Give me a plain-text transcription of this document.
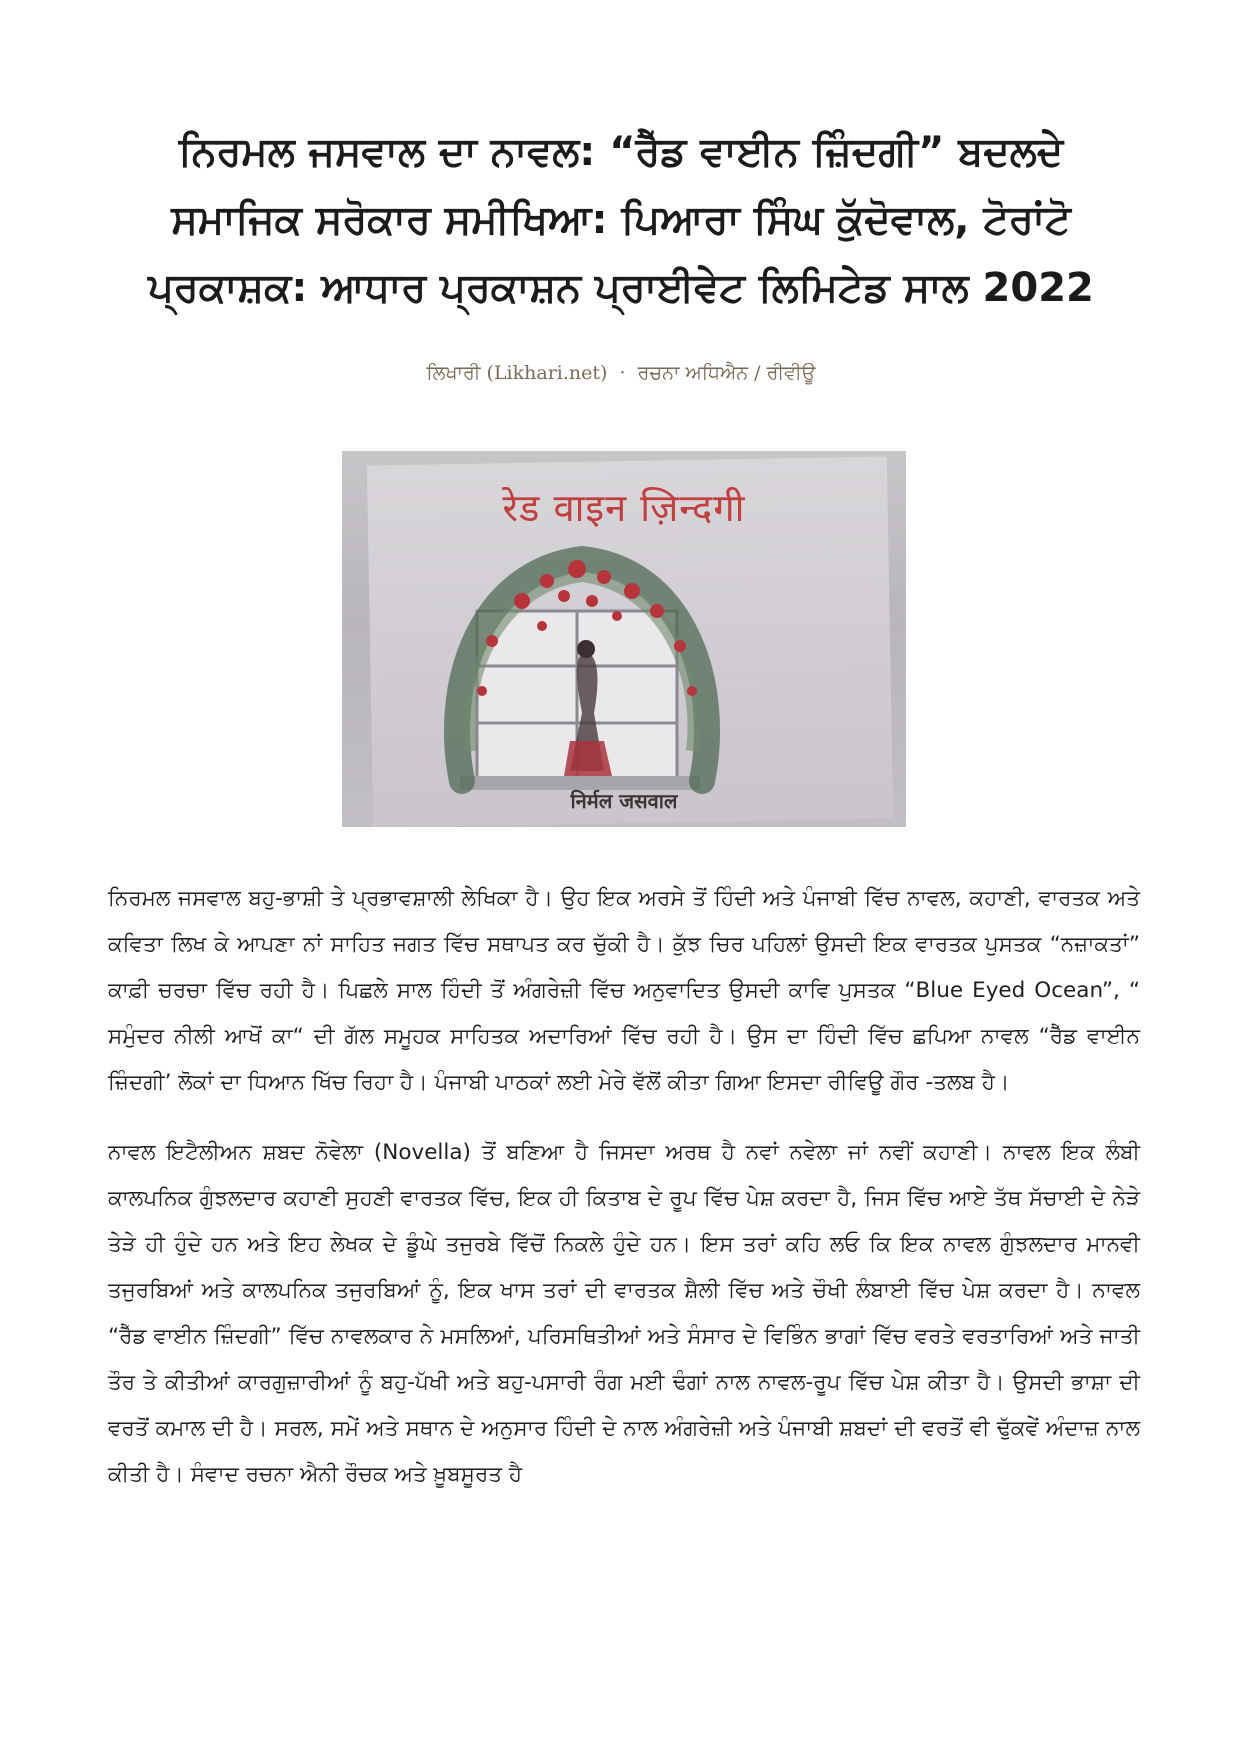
ਨਿਰਮਲ ਜਸਵਾਲ ਦਾ ਨਾਵਲ: “ਰੈੱਡ ਵਾਈਨ ਜ਼ਿੰਦਗੀ” ਬਦਲਦੇ ਸਮਾਜਿਕ ਸਰੋਕਾਰ ਸਮੀਖਿਆ: ਪਿਆਰਾ ਸਿੰਘ ਕੁੱਦੋਵਾਲ, ਟੋਰਾਂਟੋ ਪ੍ਰਕਾਸ਼ਕ: ਆਧਾਰ ਪ੍ਰਕਾਸ਼ਨ ਪ੍ਰਾਈਵੇਟ ਲਿਮਿਟੇਡ ਸਾਲ 2022
ਲਿਖਾਰੀ (Likhari.net) · ਰਚਨਾ ਅਧਿਐਨ / ਰੀਵੀਊ
रेड वाइन ज़िन्दगी
निर्मल जसवाल

ਨਿਰਮਲ ਜਸਵਾਲ ਬਹੁ-ਭਾਸ਼ੀ ਤੇ ਪ੍ਰਭਾਵਸ਼ਾਲੀ ਲੇਖਿਕਾ ਹੈ। ਉਹ ਇਕ ਅਰਸੇ ਤੋਂ ਹਿੰਦੀ ਅਤੇ ਪੰਜਾਬੀ ਵਿੱਚ ਨਾਵਲ, ਕਹਾਣੀ, ਵਾਰਤਕ ਅਤੇ ਕਵਿਤਾ ਲਿਖ ਕੇ ਆਪਣਾ ਨਾਂ ਸਾਹਿਤ ਜਗਤ ਵਿੱਚ ਸਥਾਪਤ ਕਰ ਚੁੱਕੀ ਹੈ। ਕੁੱਝ ਚਿਰ ਪਹਿਲਾਂ ਉਸਦੀ ਇਕ ਵਾਰਤਕ ਪੁਸਤਕ “ਨਜ਼ਾਕਤਾਂ” ਕਾਫ਼ੀ ਚਰਚਾ ਵਿੱਚ ਰਹੀ ਹੈ। ਪਿਛਲੇ ਸਾਲ ਹਿੰਦੀ ਤੋਂ ਅੰਗਰੇਜ਼ੀ ਵਿੱਚ ਅਨੁਵਾਦਿਤ ਉਸਦੀ ਕਾਵਿ ਪੁਸਤਕ “Blue Eyed Ocean”, “ ਸਮੁੰਦਰ ਨੀਲੀ ਆਖੋਂ ਕਾ“ ਦੀ ਗੱਲ ਸਮੂਹਕ ਸਾਹਿਤਕ ਅਦਾਰਿਆਂ ਵਿੱਚ ਰਹੀ ਹੈ। ਉਸ ਦਾ ਹਿੰਦੀ ਵਿੱਚ ਛਪਿਆ ਨਾਵਲ “ਰੈੱਡ ਵਾਈਨ ਜ਼ਿੰਦਗੀ’ ਲੋਕਾਂ ਦਾ ਧਿਆਨ ਖਿੱਚ ਰਿਹਾ ਹੈ। ਪੰਜਾਬੀ ਪਾਠਕਾਂ ਲਈ ਮੇਰੇ ਵੱਲੋਂ ਕੀਤਾ ਗਿਆ ਇਸਦਾ ਰੀਵਿਊ ਗੌਰ -ਤਲਬ ਹੈ।

ਨਾਵਲ ਇਟੈਲੀਅਨ ਸ਼ਬਦ ਨੋਵੇਲਾ (Novella) ਤੋਂ ਬਣਿਆ ਹੈ ਜਿਸਦਾ ਅਰਥ ਹੈ ਨਵਾਂ ਨਵੇਲਾ ਜਾਂ ਨਵੀਂ ਕਹਾਣੀ। ਨਾਵਲ ਇਕ ਲੰਬੀ ਕਾਲਪਨਿਕ ਗੁੰਝਲਦਾਰ ਕਹਾਣੀ ਸੁਹਣੀ ਵਾਰਤਕ ਵਿੱਚ, ਇਕ ਹੀ ਕਿਤਾਬ ਦੇ ਰੂਪ ਵਿੱਚ ਪੇਸ਼ ਕਰਦਾ ਹੈ, ਜਿਸ ਵਿੱਚ ਆਏ ਤੱਥ ਸੱਚਾਈ ਦੇ ਨੇੜੇ ਤੇੜੇ ਹੀ ਹੁੰਦੇ ਹਨ ਅਤੇ ਇਹ ਲੇਖਕ ਦੇ ਡੂੰਘੇ ਤਜੁਰਬੇ ਵਿੱਚੋਂ ਨਿਕਲੇ ਹੁੰਦੇ ਹਨ। ਇਸ ਤਰਾਂ ਕਹਿ ਲਓ ਕਿ ਇਕ ਨਾਵਲ ਗੁੰਝਲਦਾਰ ਮਾਨਵੀ ਤਜੁਰਬਿਆਂ ਅਤੇ ਕਾਲਪਨਿਕ ਤਜੁਰਬਿਆਂ ਨੂੰ, ਇਕ ਖਾਸ ਤਰਾਂ ਦੀ ਵਾਰਤਕ ਸ਼ੈਲੀ ਵਿੱਚ ਅਤੇ ਚੌਖੀ ਲੰਬਾਈ ਵਿੱਚ ਪੇਸ਼ ਕਰਦਾ ਹੈ। ਨਾਵਲ “ਰੈੱਡ ਵਾਈਨ ਜ਼ਿੰਦਗੀ” ਵਿੱਚ ਨਾਵਲਕਾਰ ਨੇ ਮਸਲਿਆਂ, ਪਰਿਸਥਿਤੀਆਂ ਅਤੇ ਸੰਸਾਰ ਦੇ ਵਿਭਿੰਨ ਭਾਗਾਂ ਵਿੱਚ ਵਰਤੇ ਵਰਤਾਰਿਆਂ ਅਤੇ ਜਾਤੀ ਤੌਰ ਤੇ ਕੀਤੀਆਂ ਕਾਰਗੁਜ਼ਾਰੀਆਂ ਨੂੰ ਬਹੁ-ਪੱਖੀ ਅਤੇ ਬਹੁ-ਪਸਾਰੀ ਰੰਗ ਮਈ ਢੰਗਾਂ ਨਾਲ ਨਾਵਲ-ਰੂਪ ਵਿੱਚ ਪੇਸ਼ ਕੀਤਾ ਹੈ। ਉਸਦੀ ਭਾਸ਼ਾ ਦੀ ਵਰਤੋਂ ਕਮਾਲ ਦੀ ਹੈ। ਸਰਲ, ਸਮੇਂ ਅਤੇ ਸਥਾਨ ਦੇ ਅਨੁਸਾਰ ਹਿੰਦੀ ਦੇ ਨਾਲ ਅੰਗਰੇਜ਼ੀ ਅਤੇ ਪੰਜਾਬੀ ਸ਼ਬਦਾਂ ਦੀ ਵਰਤੋਂ ਵੀ ਢੁੱਕਵੇਂ ਅੰਦਾਜ਼ ਨਾਲ ਕੀਤੀ ਹੈ। ਸੰਵਾਦ ਰਚਨਾ ਐਨੀ ਰੌਚਕ ਅਤੇ ਖ਼ੂਬਸੂਰਤ ਹੈ
